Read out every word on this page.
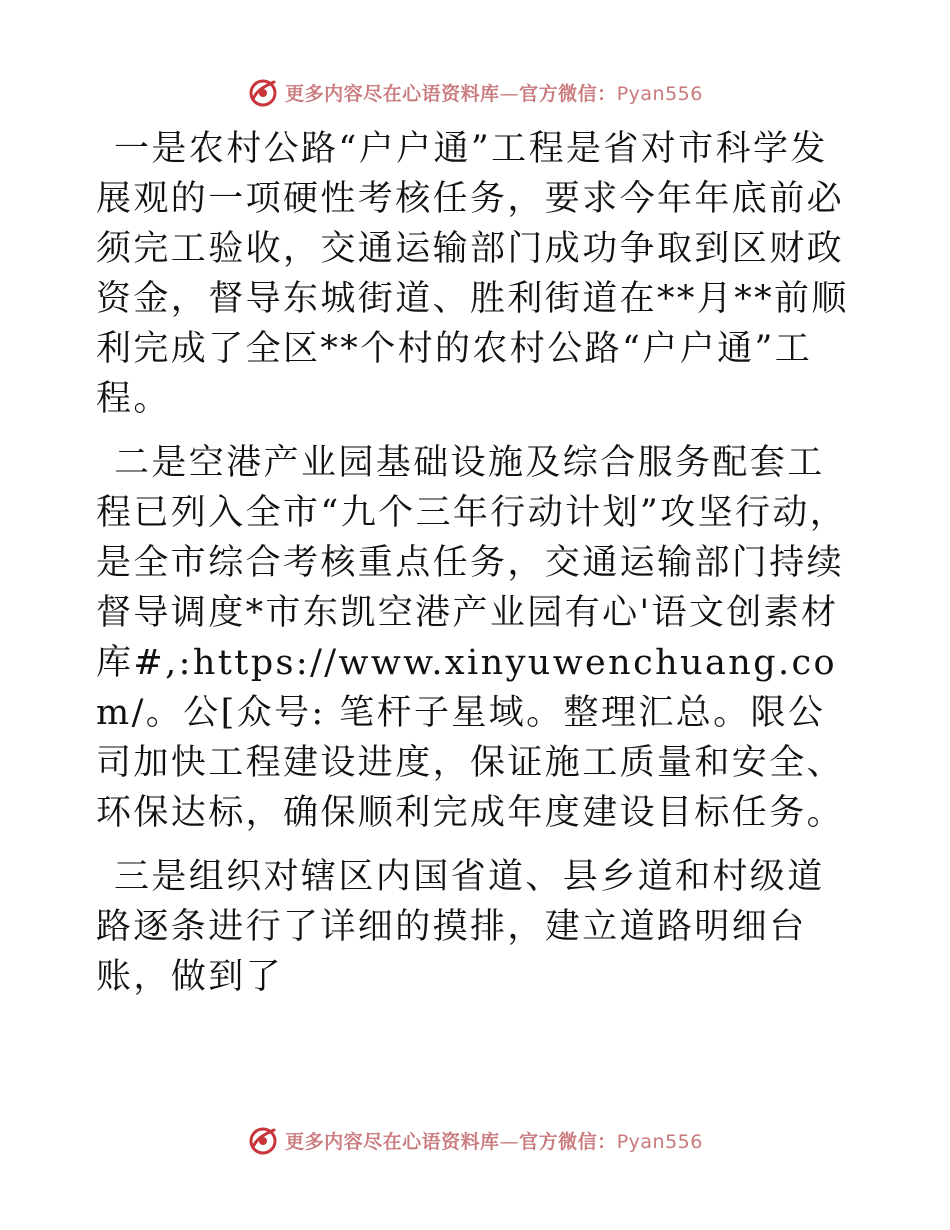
更多内容尽在心语资料库—官方微信：Pyan556

一是农村公路“户户通”工程是省对市科学发展观的一项硬性考核任务，要求今年年底前必须完工验收，交通运输部门成功争取到区财政资金，督导东城街道、胜利街道在**月**前顺利完成了全区**个村的农村公路“户户通”工程。

二是空港产业园基础设施及综合服务配套工程已列入全市“九个三年行动计划”攻坚行动，是全市综合考核重点任务，交通运输部门持续督导调度*市东凯空港产业园有心'语文创素材库#,:https://www.xinyuwenchuang.com/。公[众号: 笔杆子星域。整理汇总。限公司加快工程建设进度，保证施工质量和安全、环保达标，确保顺利完成年度建设目标任务。

三是组织对辖区内国省道、县乡道和村级道路逐条进行了详细的摸排，建立道路明细台账，做到了

更多内容尽在心语资料库—官方微信：Pyan556
